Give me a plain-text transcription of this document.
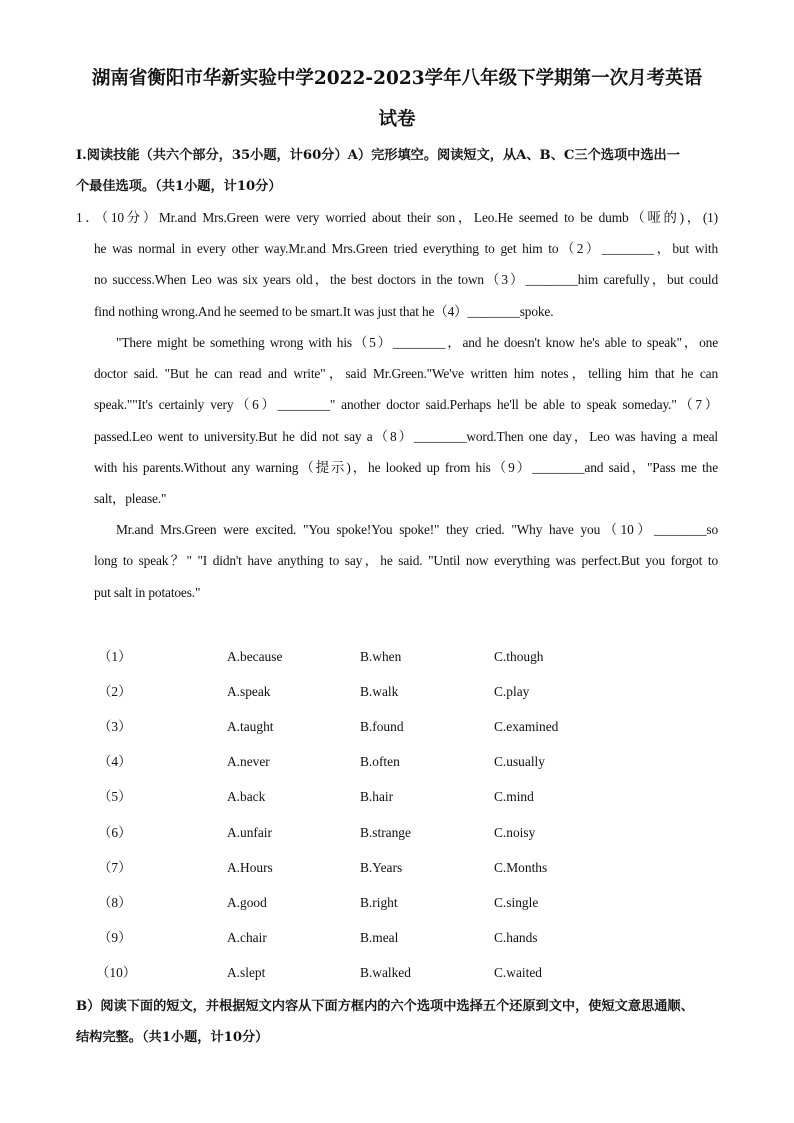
湖南省衡阳市华新实验中学2022-2023学年八年级下学期第一次月考英语
试卷
I.阅读技能（共六个部分，35小题，计60分）A）完形填空。阅读短文，从A、B、C三个选项中选出一
个最佳选项。（共1小题，计10分）
1．（10分）Mr.and Mrs.Green were very worried about their son，Leo.He seemed to be dumb（哑的)，(1)
he was normal in every other way.Mr.and Mrs.Green tried everything to get him to（2）________，but with
no success.When Leo was six years old，the best doctors in the town（3）________him carefully，but could
find nothing wrong.And he seemed to be smart.It was just that he（4）________spoke.
"There might be something wrong with his（5）________，and he doesn't know he's able to speak"，one
doctor said. "But he can read and write"，said Mr.Green."We've written him notes，telling him that he can
speak.""It's certainly very（6）________" another doctor said.Perhaps he'll be able to speak someday."（7）
passed.Leo went to university.But he did not say a（8）________word.Then one day，Leo was having a meal
with his parents.Without any warning（提示)，he looked up from his（9）________and said，"Pass me the
salt，please."
Mr.and Mrs.Green were excited. "You spoke!You spoke!" they cried. "Why have you（10）________so
long to speak？" "I didn't have anything to say，he said. "Until now everything was perfect.But you forgot to
put salt in potatoes."
（1）	A.because	B.when	C.though
（2）	A.speak	B.walk	C.play
（3）	A.taught	B.found	C.examined
（4）	A.never	B.often	C.usually
（5）	A.back	B.hair	C.mind
（6）	A.unfair	B.strange	C.noisy
（7）	A.Hours	B.Years	C.Months
（8）	A.good	B.right	C.single
（9）	A.chair	B.meal	C.hands
（10）	A.slept	B.walked	C.waited
B）阅读下面的短文，并根据短文内容从下面方框内的六个选项中选择五个还原到文中，使短文意思通顺、
结构完整。（共1小题，计10分）
